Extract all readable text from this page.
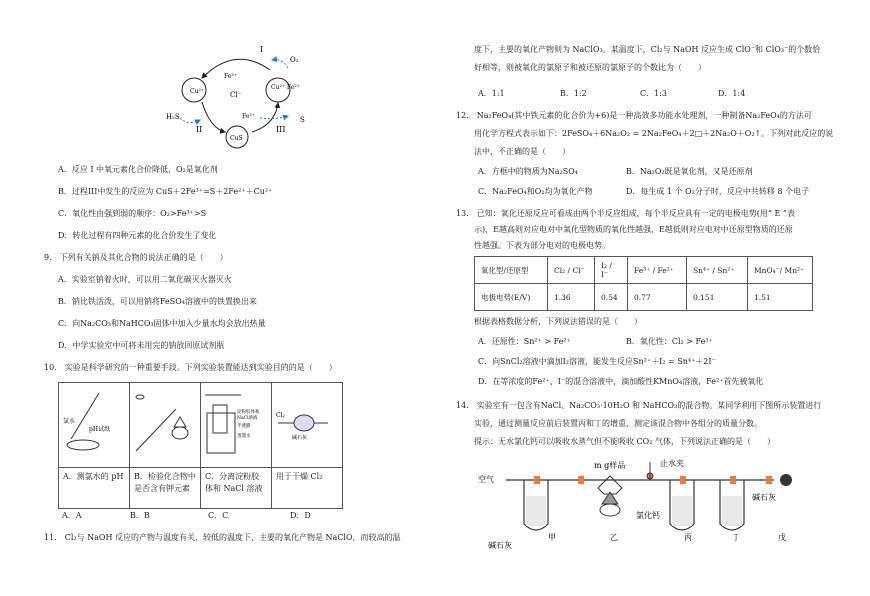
I
Cu²⁺
Cu²⁺ Fe²⁺
CuS
Cl⁻
Fe³⁺
Fe²⁺
O₂
H₂S	S
II	III
A．反应 I 中氧元素化合价降低，O₂是氧化剂
B．过程III中发生的反应为 CuS＋2Fe³⁺=S＋2Fe²⁺＋Cu²⁺
C．氧化性由强到弱的顺序：O₂>Fe³⁺>S
D．转化过程有四种元素的化合价发生了变化
9.　下列有关钠及其化合物的说法正确的是（　　）
A．实验室钠着火时，可以用二氧化碳灭火器灭火
B．钠比铁活泼，可以用钠将FeSO₄溶液中的铁置换出来
C．向Na₂CO₃和NaHCO₃固体中加入少量水均会放出热量
D．中学实验室中可将未用完的钠放回原试剂瓶
10.　实验是科学研究的一种重要手段。下列实验装置能达到实验目的的是（　　）
氯水
pH试纸		淀粉胶体和
NaCl溶液
半透膜
蒸馏水	Cl₂
碱石灰

A．测氯水的 pH	B．检验化合物中是否含有钾元素	C．分离淀粉胶体和 NaCl 溶液	用于干燥 Cl₂
A．A	B．B	C．C	D．D
11.　Cl₂与 NaOH 反应的产物与温度有关，较低的温度下，主要的氧化产物是 NaClO，而较高的温
度下，主要的氧化产物则为 NaClO₃。某温度下，Cl₂与 NaOH 反应生成 ClO⁻和 ClO₃⁻的个数恰
好相等，则被氧化的氯原子和被还原的氯原子的个数比为（　　）
A．1:1	B．1:2	C．1:3	D．1:4
12.　Na₂FeO₄(其中铁元素的化合价为+6)是一种高效多功能水处理剂，一种制备Na₂FeO₄的方法可
用化学方程式表示如下：2FeSO₄＋6Na₂O₂ = 2Na₂FeO₄＋2□＋2Na₂O＋O₂↑。下列对此反应的说
法中，不正确的是（　　）
A．方框中的物质为Na₂SO₄	B．Na₂O₂既是氧化剂，又是还原剂
C．Na₂FeO₄和O₂均为氧化产物	D．每生成 1 个 O₂分子时，反应中共转移 8 个电子
13.　已知：氧化还原反应可看成由两个半反应组成，每个半反应具有一定的电极电势(用“ E ”表
示)，E越高则对应电对中氧化型物质的氧化性越强，E越低则对应电对中还原型物质的还原
性越强。下表为部分电对的电极电势。
氧化型/还原型	Cl₂ / Cl⁻	I₂ / I⁻	Fe³⁺ / Fe²⁺	Sn⁴⁺ / Sn²⁺	MnO₄⁻/ Mn²⁺
电极电势(E/V)	1.36	0.54	0.77	0.151	1.51
根据表格数据分析，下列说法错误的是（　　）
A．还原性：Sn²⁺ > Fe²⁺	B．氧化性：Cl₂ > Fe³⁺
C．向SnCl₂溶液中滴加I₂溶液，能发生反应Sn²⁺＋I₂ = Sn⁴⁺＋2I⁻
D．在等浓度的Fe²⁺、I⁻的混合溶液中，滴加酸性KMnO₄溶液，Fe²⁺首先被氧化
14.　实验室有一包含有NaCl、Na₂CO₃·10H₂O 和 NaHCO₃的混合物。某同学利用下图所示装置进行
实验，通过测量反应前后装置丙和丁的增重，测定该混合物中各组分的质量分数。
提示：无水氯化钙可以吸收水蒸气但不能吸收 CO₂ 气体，下列说法正确的是（　　）
空气
m g样品	止水夹
碱石灰
氯化钙
碱石灰
甲	乙	丙	丁	戊
